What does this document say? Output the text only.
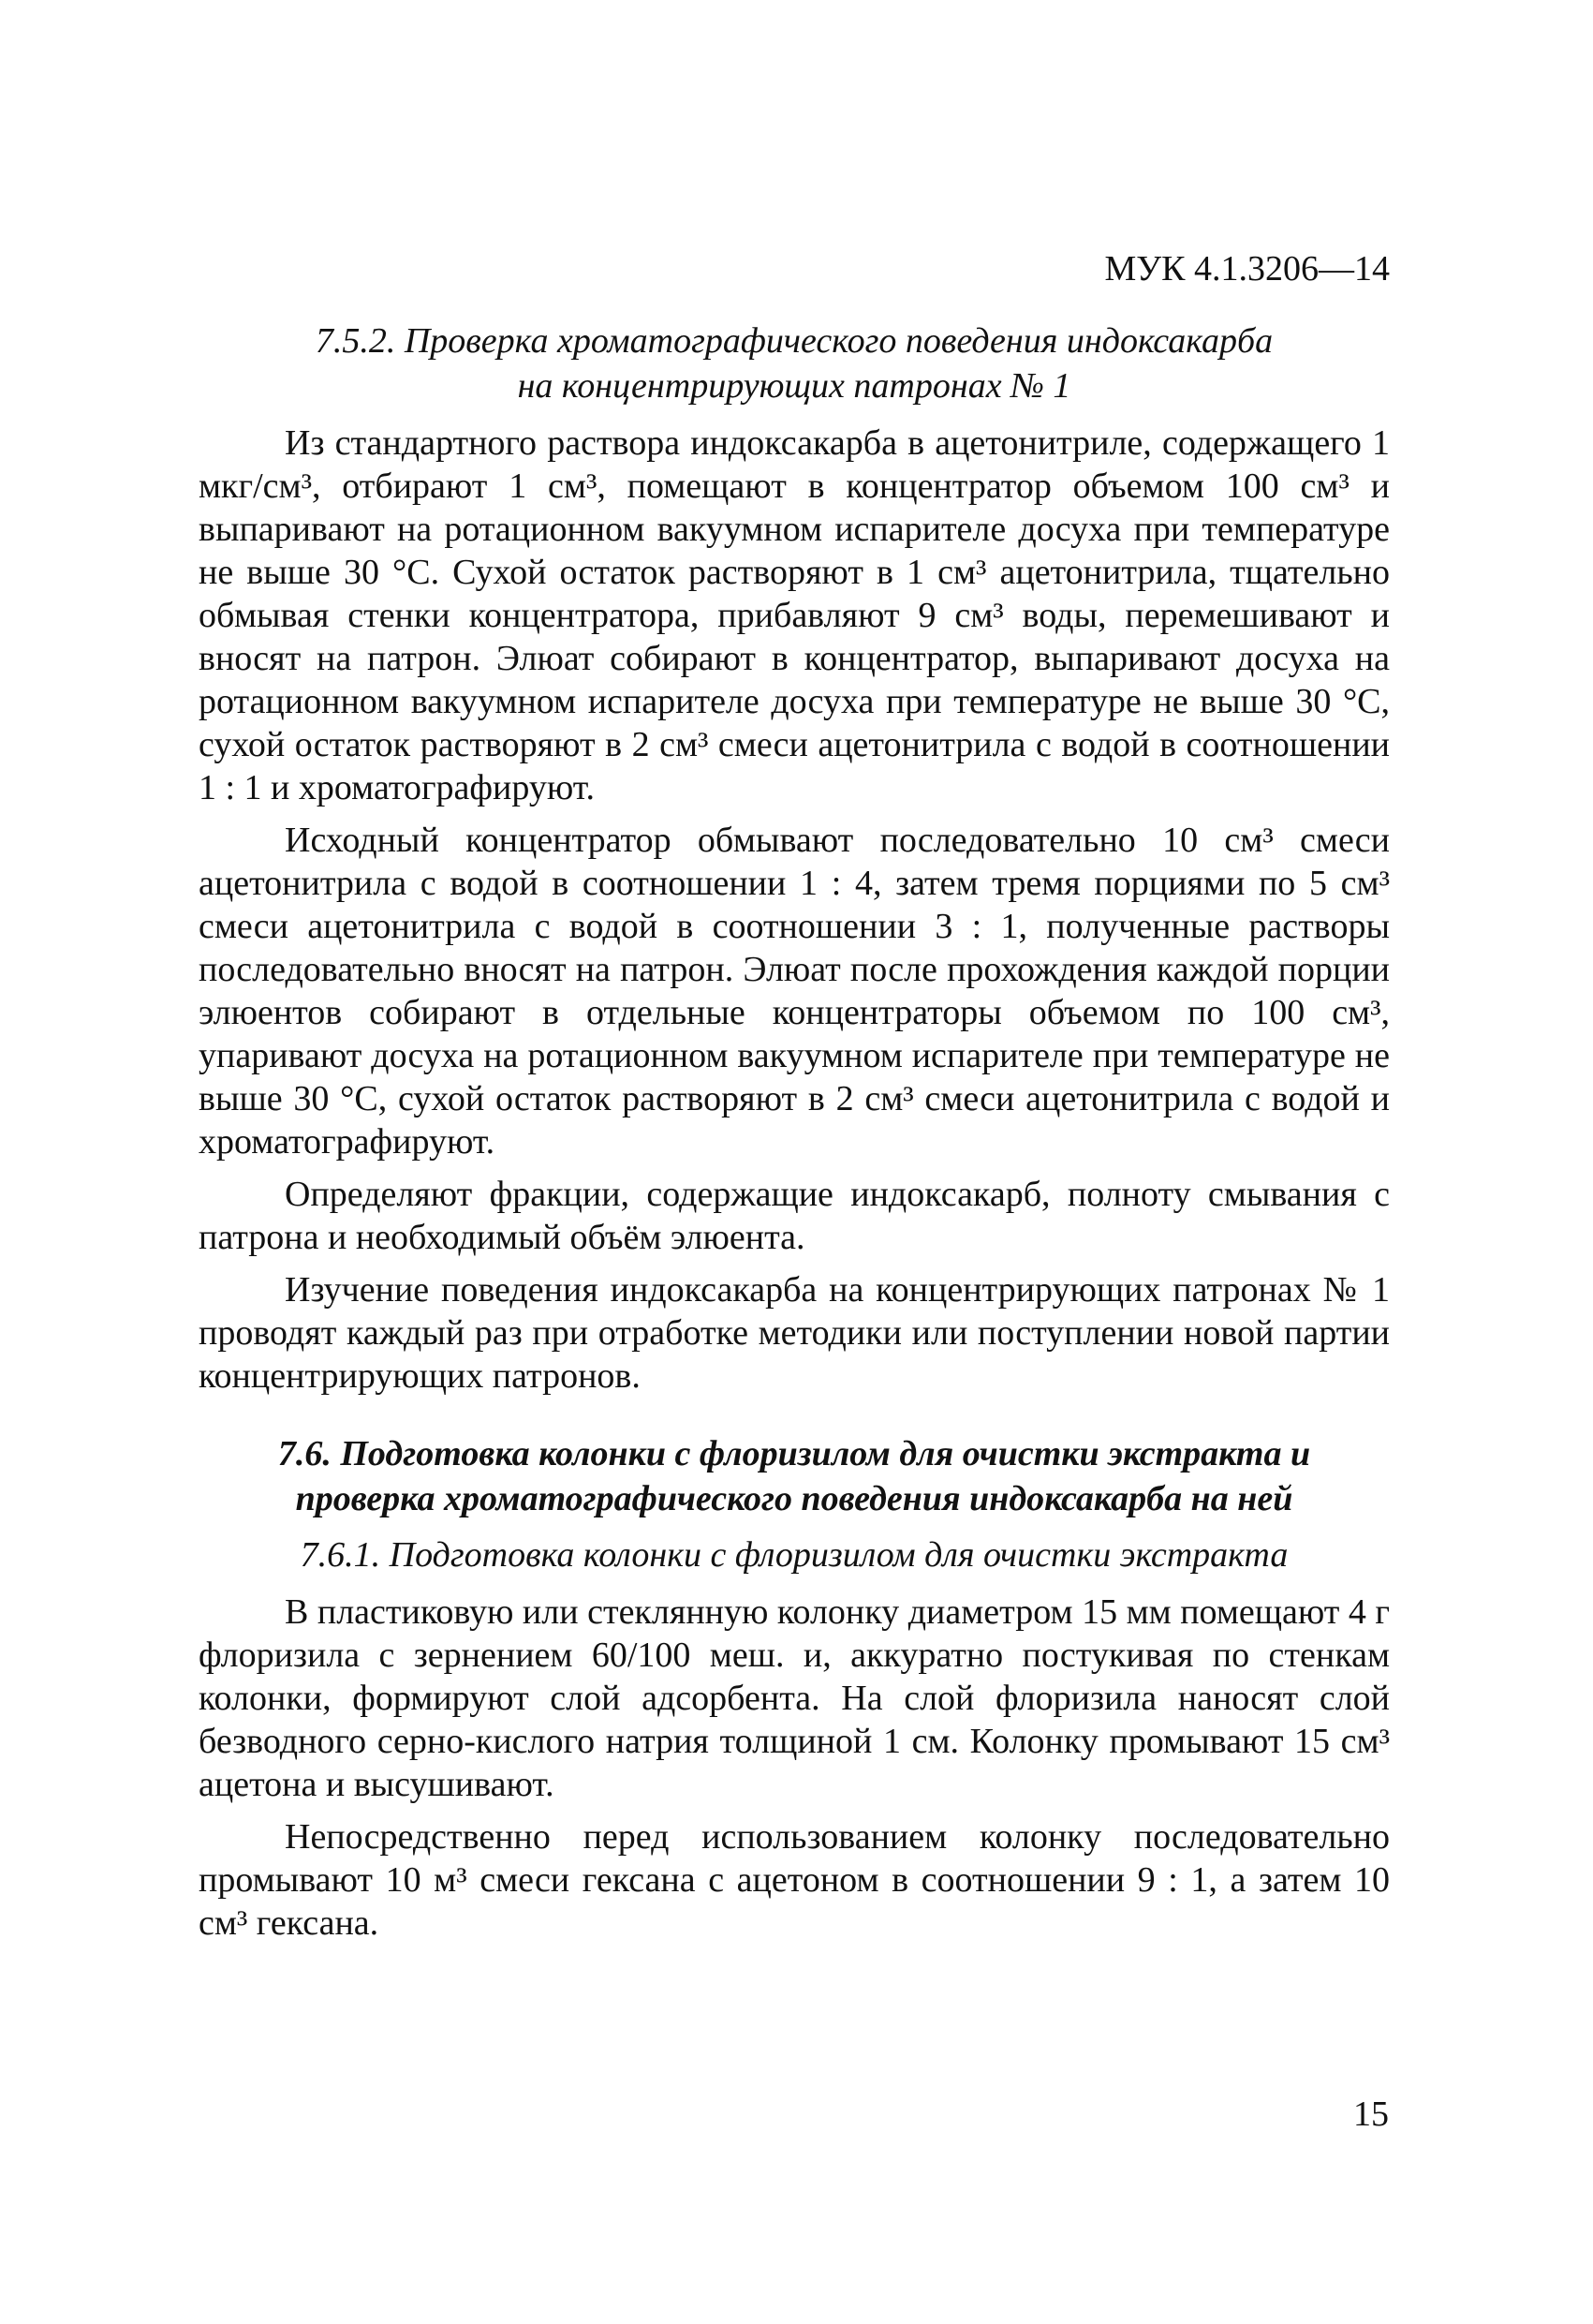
МУК 4.1.3206—14
7.5.2. Проверка хроматографического поведения индоксакарба
на концентрирующих патронах № 1

Из стандартного раствора индоксакарба в ацетонитриле, содержащего 1 мкг/см³, отбирают 1 см³, помещают в концентратор объемом 100 см³ и выпаривают на ротационном вакуумном испарителе досуха при температуре не выше 30 °С. Сухой остаток растворяют в 1 см³ ацетонитрила, тщательно обмывая стенки концентратора, прибавляют 9 см³ воды, перемешивают и вносят на патрон. Элюат собирают в концентратор, выпаривают досуха на ротационном вакуумном испарителе досуха при температуре не выше 30 °С, сухой остаток растворяют в 2 см³ смеси ацетонитрила с водой в соотношении 1 : 1 и хроматографируют.

Исходный концентратор обмывают последовательно 10 см³ смеси ацетонитрила с водой в соотношении 1 : 4, затем тремя порциями по 5 см³ смеси ацетонитрила с водой в соотношении 3 : 1, полученные растворы последовательно вносят на патрон. Элюат после прохождения каждой порции элюентов собирают в отдельные концентраторы объемом по 100 см³, упаривают досуха на ротационном вакуумном испарителе при температуре не выше 30 °С, сухой остаток растворяют в 2 см³ смеси ацетонитрила с водой и хроматографируют.

Определяют фракции, содержащие индоксакарб, полноту смывания с патрона и необходимый объём элюента.

Изучение поведения индоксакарба на концентрирующих патронах № 1 проводят каждый раз при отработке методики или поступлении новой партии концентрирующих патронов.

7.6. Подготовка колонки с флоризилом для очистки экстракта и
проверка хроматографического поведения индоксакарба на ней
7.6.1. Подготовка колонки с флоризилом для очистки экстракта

В пластиковую или стеклянную колонку диаметром 15 мм помещают 4 г флоризила с зернением 60/100 меш. и, аккуратно постукивая по стенкам колонки, формируют слой адсорбента. На слой флоризила наносят слой безводного серно-кислого натрия толщиной 1 см. Колонку промывают 15 см³ ацетона и высушивают.

Непосредственно перед использованием колонку последовательно промывают 10 м³ смеси гексана с ацетоном в соотношении 9 : 1, а затем 10 см³ гексана.

15
